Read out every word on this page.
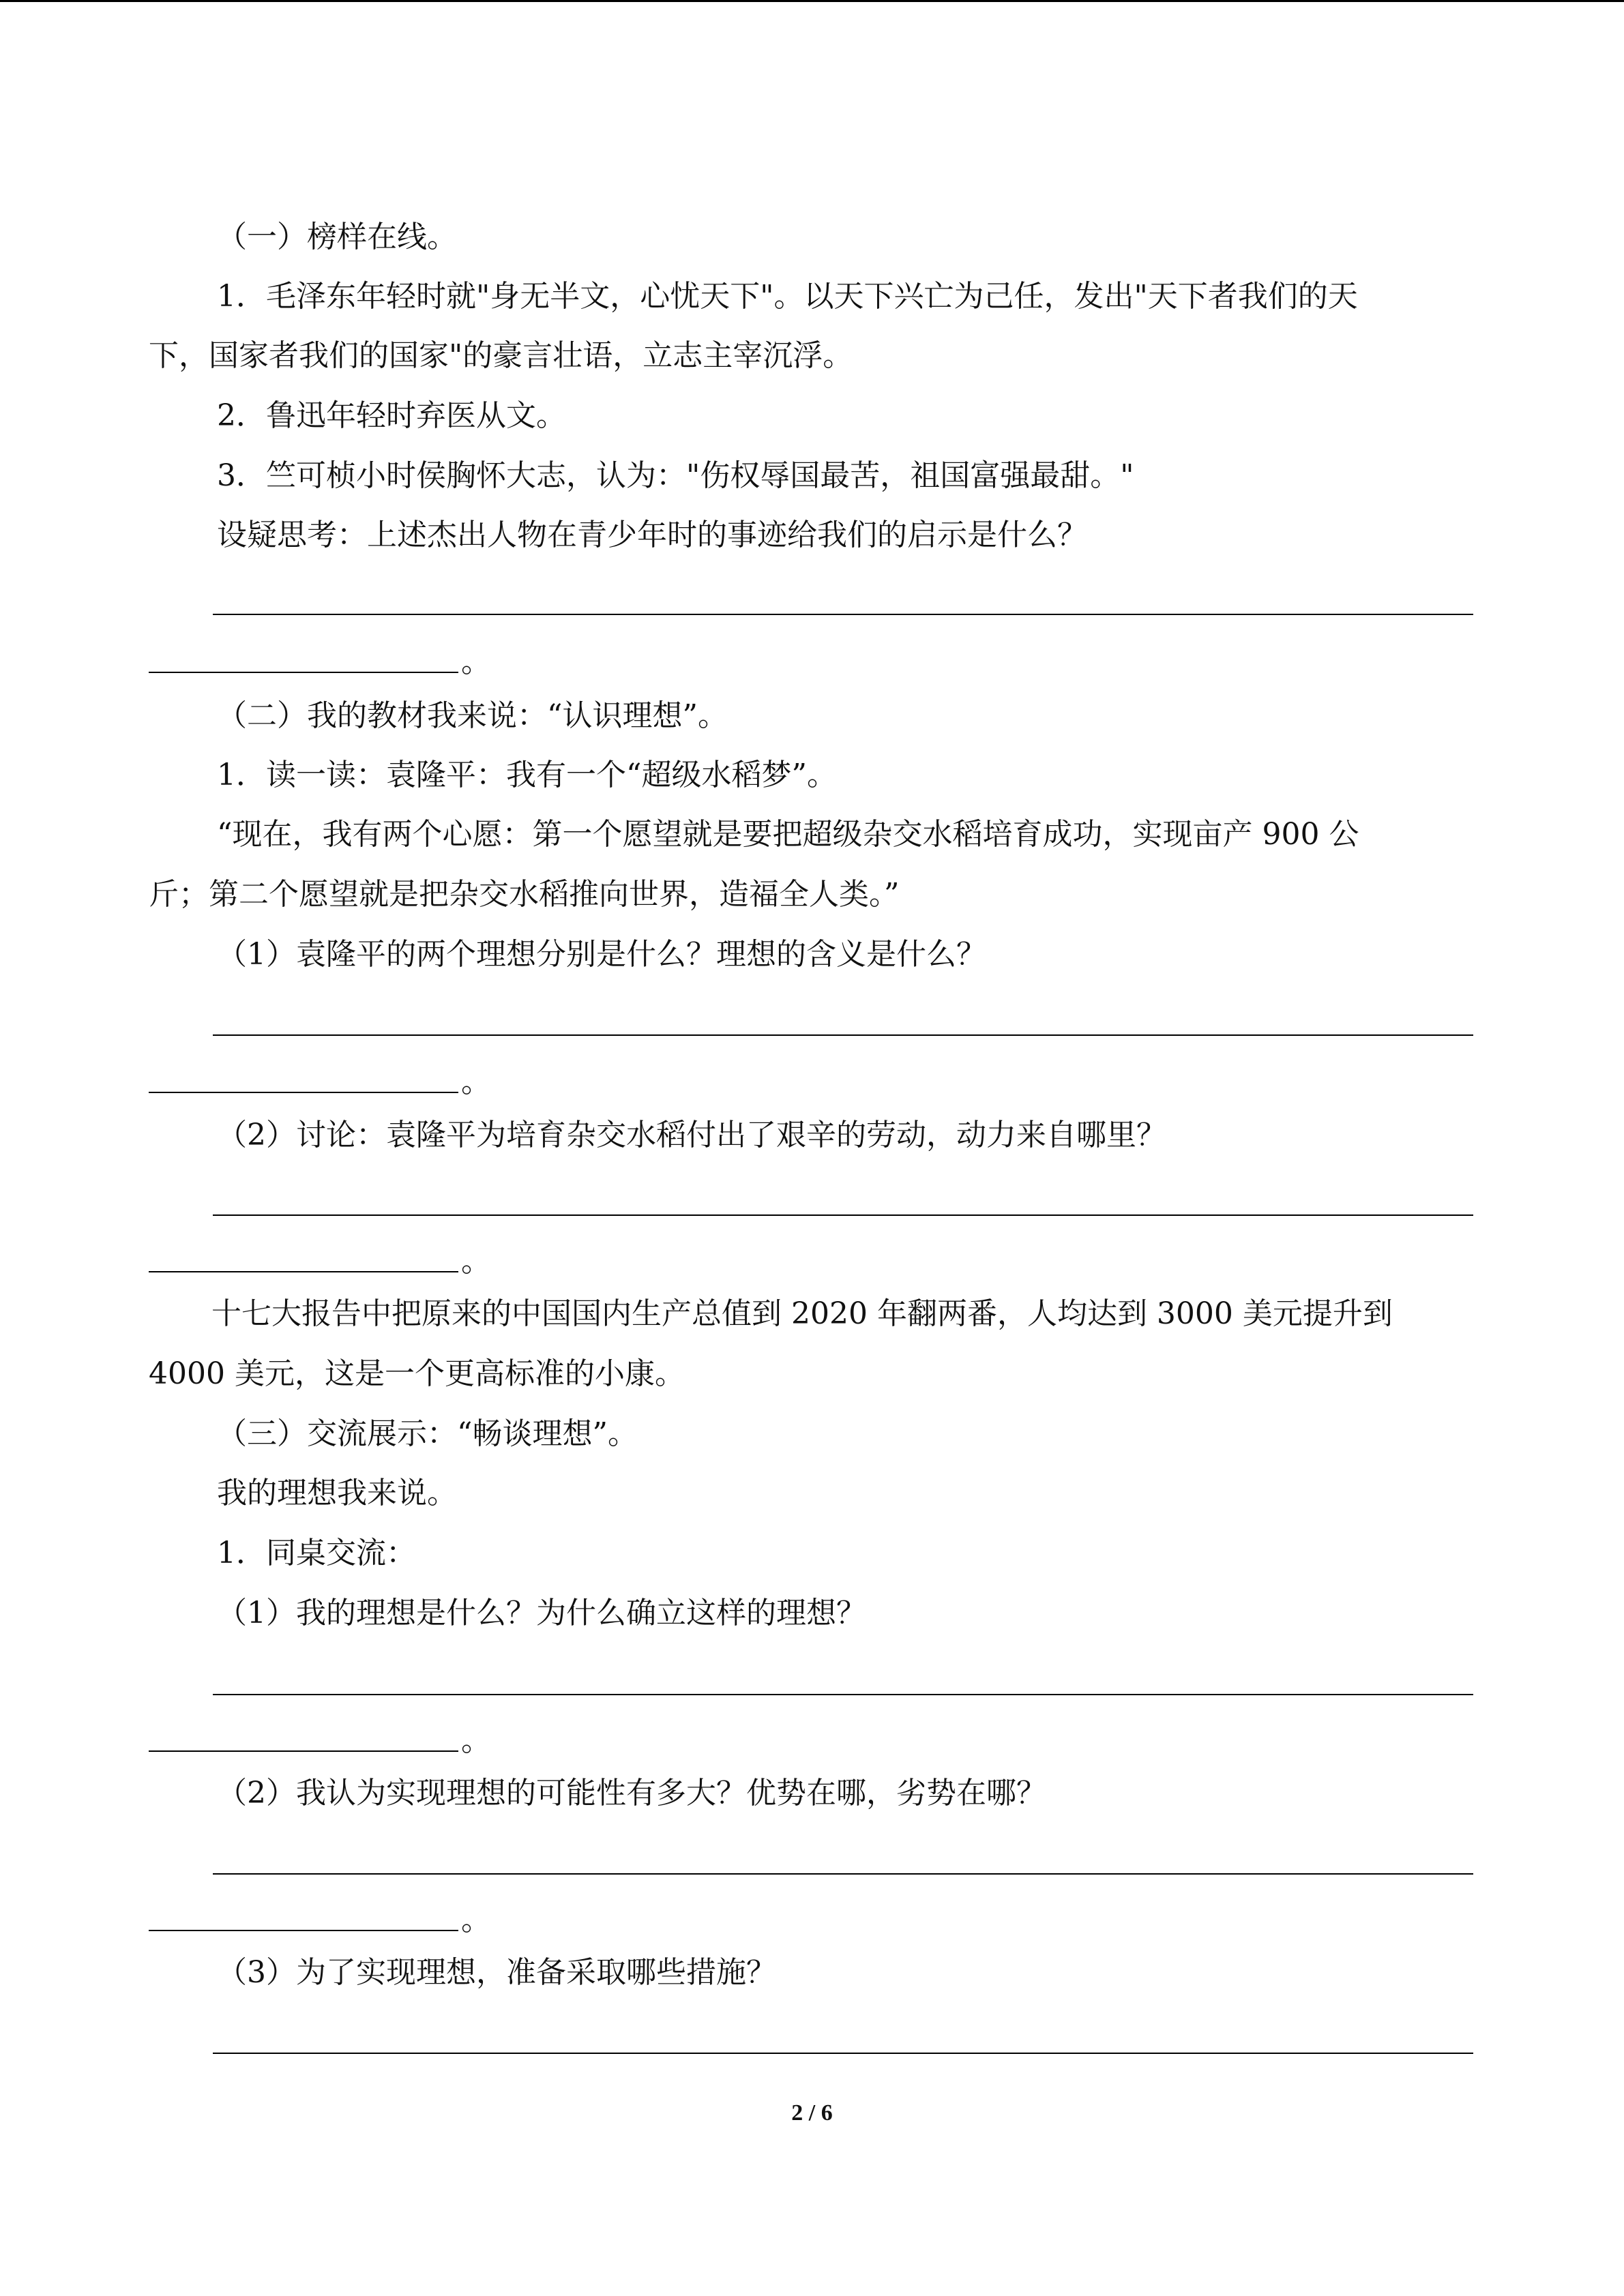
（一）榜样在线。
1．毛泽东年轻时就"身无半文，心忧天下"。以天下兴亡为己任，发出"天下者我们的天
下，国家者我们的国家"的豪言壮语，立志主宰沉浮。
2．鲁迅年轻时弃医从文。
3．竺可桢小时侯胸怀大志，认为："伤权辱国最苦，祖国富强最甜。"
设疑思考：上述杰出人物在青少年时的事迹给我们的启示是什么？
。
（二）我的教材我来说：“认识理想”。
1．读一读：袁隆平：我有一个“超级水稻梦”。
“现在，我有两个心愿：第一个愿望就是要把超级杂交水稻培育成功，实现亩产 900 公
斤；第二个愿望就是把杂交水稻推向世界，造福全人类。”
（1）袁隆平的两个理想分别是什么？理想的含义是什么？
。
（2）讨论：袁隆平为培育杂交水稻付出了艰辛的劳动，动力来自哪里？
。
十七大报告中把原来的中国国内生产总值到 2020 年翻两番，人均达到 3000 美元提升到
4000 美元，这是一个更高标准的小康。
（三）交流展示：“畅谈理想”。
我的理想我来说。
1．同桌交流：
（1）我的理想是什么？为什么确立这样的理想？
。
（2）我认为实现理想的可能性有多大？优势在哪，劣势在哪？
。
（3）为了实现理想，准备采取哪些措施？
2 / 6
